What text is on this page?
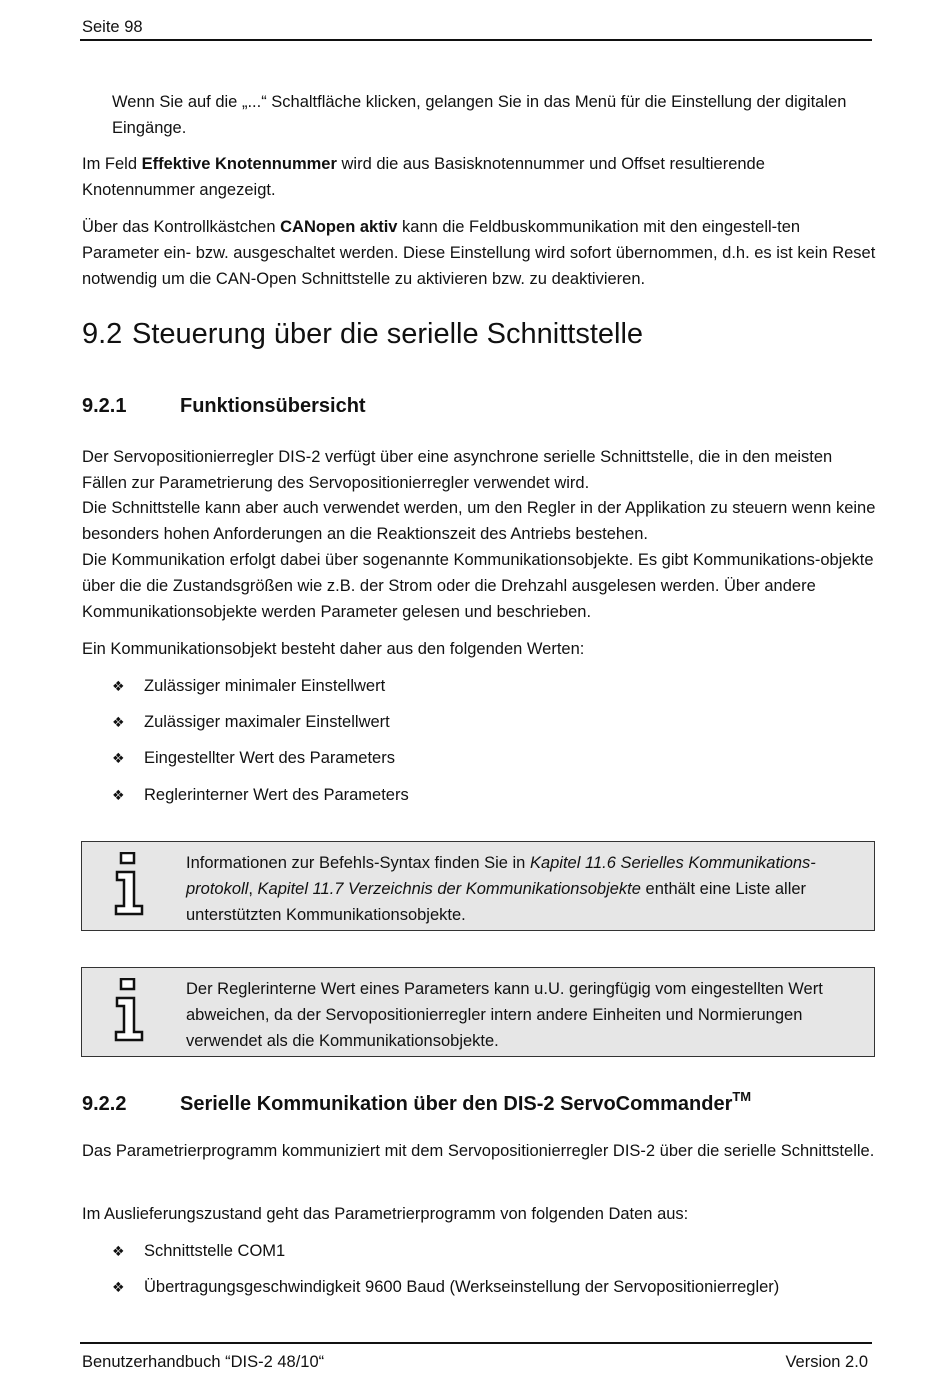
Seite 98

Wenn Sie auf die „...“ Schaltfläche klicken, gelangen Sie in das Menü für die Einstellung der digitalen Eingänge.

Im Feld Effektive Knotennummer wird die aus Basisknotennummer und Offset resultierende Knotennummer angezeigt.

Über das Kontrollkästchen CANopen aktiv kann die Feldbuskommunikation mit den eingestell-ten Parameter ein- bzw. ausgeschaltet werden. Diese Einstellung wird sofort übernommen, d.h. es ist kein Reset notwendig um die CAN-Open Schnittstelle zu aktivieren bzw. zu deaktivieren.

9.2 Steuerung über die serielle Schnittstelle
9.2.1	Funktionsübersicht

Der Servopositionierregler DIS-2 verfügt über eine asynchrone serielle Schnittstelle, die in den meisten Fällen zur Parametrierung des Servopositionierregler verwendet wird.

Die Schnittstelle kann aber auch verwendet werden, um den Regler in der Applikation zu steuern wenn keine besonders hohen Anforderungen an die Reaktionszeit des Antriebs bestehen.

Die Kommunikation erfolgt dabei über sogenannte Kommunikationsobjekte. Es gibt Kommunikations-objekte über die die Zustandsgrößen wie z.B. der Strom oder die Drehzahl ausgelesen werden. Über andere Kommunikationsobjekte werden Parameter gelesen und beschrieben.

Ein Kommunikationsobjekt besteht daher aus den folgenden Werten:

❖ Zulässiger minimaler Einstellwert
❖ Zulässiger maximaler Einstellwert
❖ Eingestellter Wert des Parameters
❖ Reglerinterner Wert des Parameters
Informationen zur Befehls-Syntax finden Sie in Kapitel 11.6 Serielles Kommunikations-protokoll, Kapitel 11.7 Verzeichnis der Kommunikationsobjekte enthält eine Liste aller unterstützten Kommunikationsobjekte.
Der Reglerinterne Wert eines Parameters kann u.U. geringfügig vom eingestellten Wert abweichen, da der Servopositionierregler intern andere Einheiten und Normierungen verwendet als die Kommunikationsobjekte.
9.2.2	Serielle Kommunikation über den DIS-2 ServoCommander™

Das Parametrierprogramm kommuniziert mit dem Servopositionierregler DIS-2 über die serielle Schnittstelle.

Im Auslieferungszustand geht das Parametrierprogramm von folgenden Daten aus:

❖ Schnittstelle COM1
❖ Übertragungsgeschwindigkeit 9600 Baud (Werkseinstellung der Servopositionierregler)
Benutzerhandbuch “DIS-2 48/10“	Version 2.0
